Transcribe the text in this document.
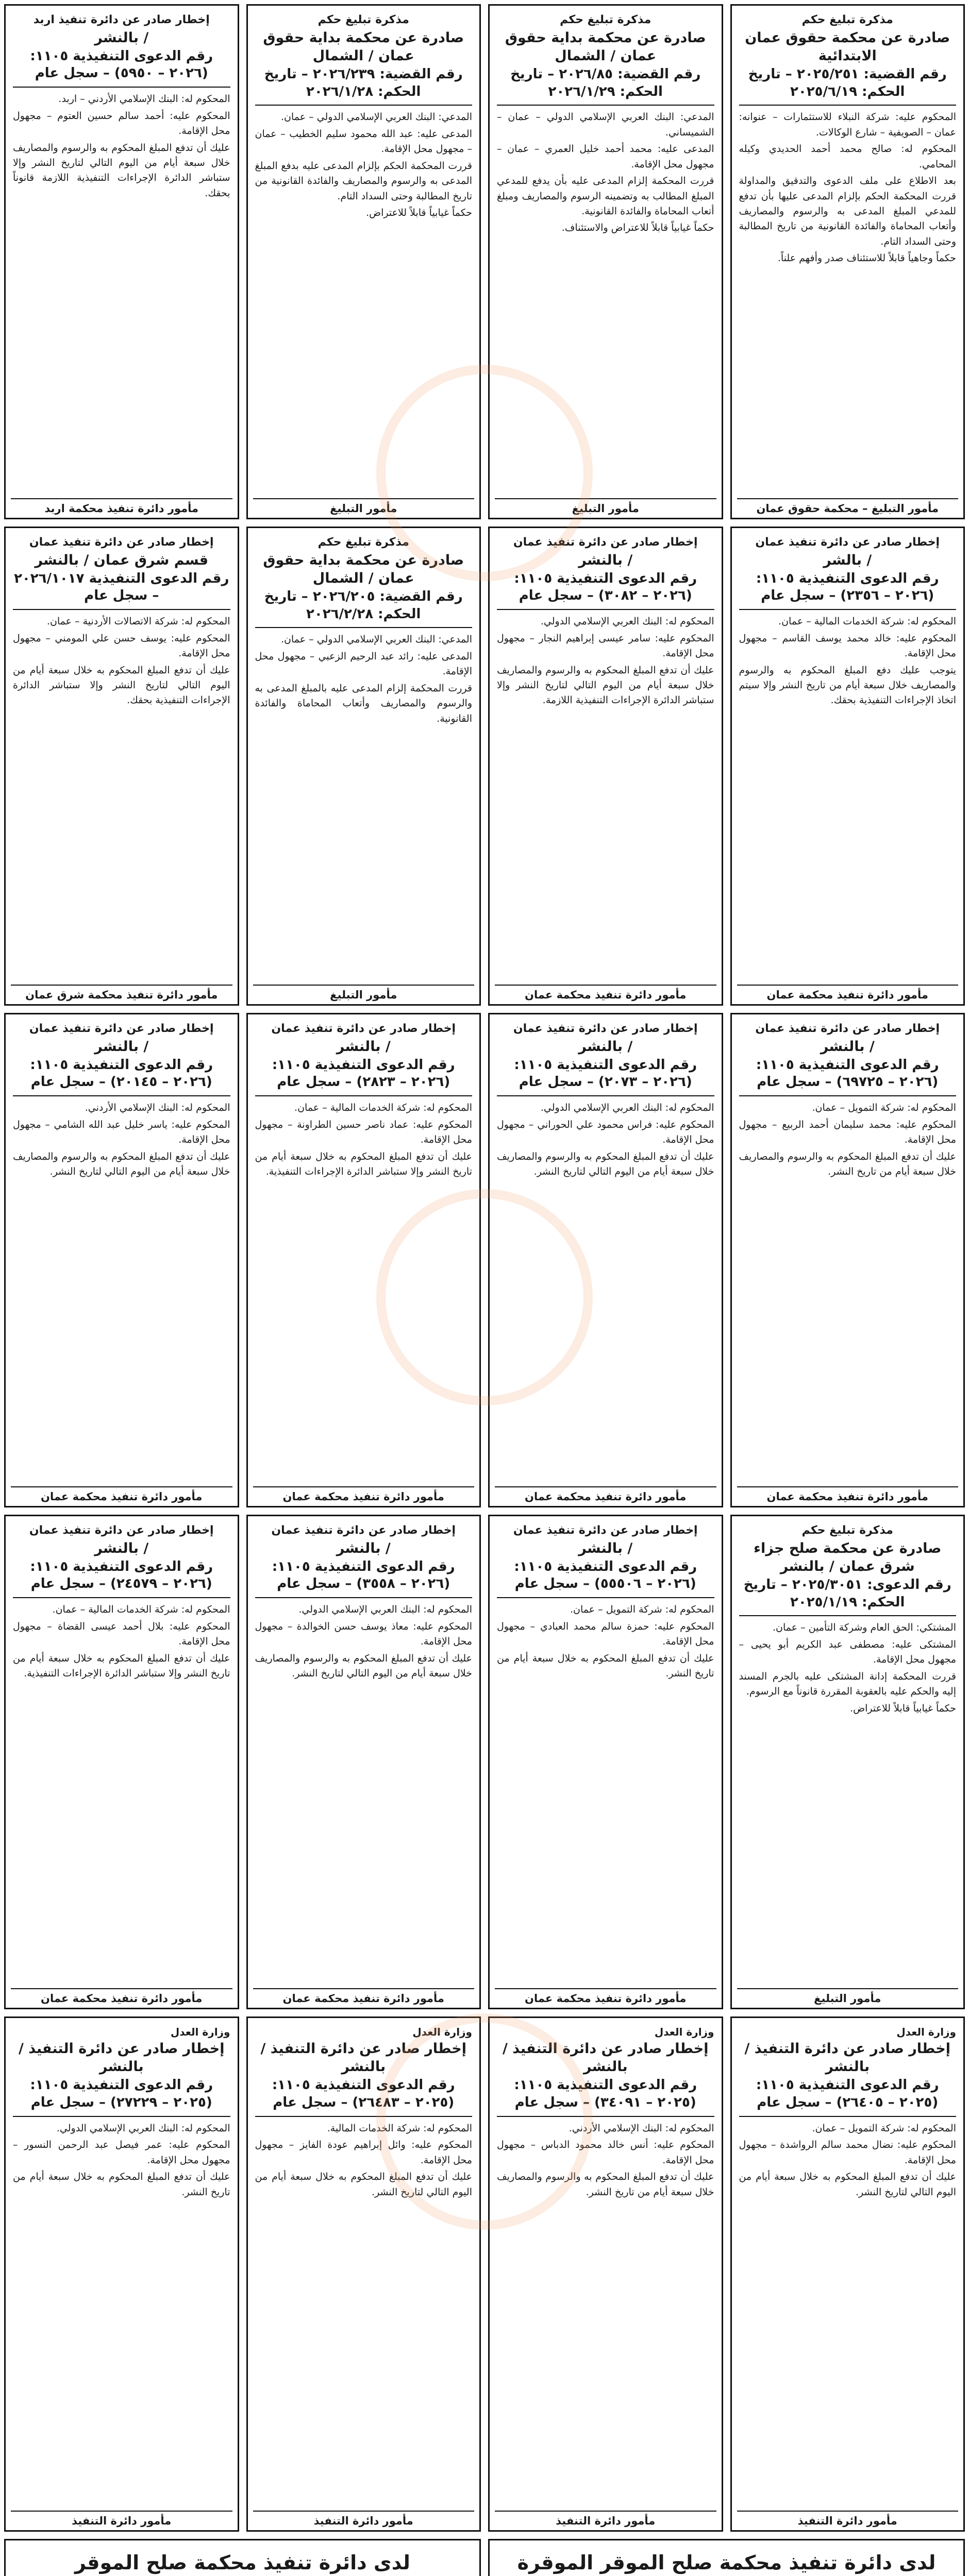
مذكرة تبليغ حكم
صادرة عن محكمة حقوق عمان الابتدائية
رقم القضية: ٢٠٢٥/٢٥١ – تاريخ الحكم: ٢٠٢٥/٦/١٩

المحكوم عليه: شركة النبلاء للاستثمارات – عنوانه: عمان – الصويفية – شارع الوكالات.

المحكوم له: صالح محمد أحمد الحديدي وكيله المحامي.

بعد الاطلاع على ملف الدعوى والتدقيق والمداولة قررت المحكمة الحكم بإلزام المدعى عليها بأن تدفع للمدعي المبلغ المدعى به والرسوم والمصاريف وأتعاب المحاماة والفائدة القانونية من تاريخ المطالبة وحتى السداد التام.

حكماً وجاهياً قابلاً للاستئناف صدر وأفهم علناً.

مأمور التبليغ – محكمة حقوق عمان
مذكرة تبليغ حكم
صادرة عن محكمة بداية حقوق عمان / الشمال
رقم القضية: ٢٠٢٦/٨٥ – تاريخ الحكم: ٢٠٢٦/١/٢٩

المدعي: البنك العربي الإسلامي الدولي – عمان – الشميساني.

المدعى عليه: محمد أحمد خليل العمري – عمان – مجهول محل الإقامة.

قررت المحكمة إلزام المدعى عليه بأن يدفع للمدعي المبلغ المطالب به وتضمينه الرسوم والمصاريف ومبلغ أتعاب المحاماة والفائدة القانونية.

حكماً غيابياً قابلاً للاعتراض والاستئناف.

مأمور التبليغ
مذكرة تبليغ حكم
صادرة عن محكمة بداية حقوق عمان / الشمال
رقم القضية: ٢٠٢٦/٢٣٩ – تاريخ الحكم: ٢٠٢٦/١/٢٨

المدعي: البنك العربي الإسلامي الدولي – عمان.

المدعى عليه: عبد الله محمود سليم الخطيب – عمان – مجهول محل الإقامة.

قررت المحكمة الحكم بإلزام المدعى عليه بدفع المبلغ المدعى به والرسوم والمصاريف والفائدة القانونية من تاريخ المطالبة وحتى السداد التام.

حكماً غيابياً قابلاً للاعتراض.

مأمور التبليغ
إخطار صادر عن دائرة تنفيذ اربد
/ بالنشر
رقم الدعوى التنفيذية ١١٠٥: (٢٠٢٦ – ٥٩٥٠) – سجل عام

المحكوم له: البنك الإسلامي الأردني – اربد.

المحكوم عليه: أحمد سالم حسين العتوم – مجهول محل الإقامة.

عليك أن تدفع المبلغ المحكوم به والرسوم والمصاريف خلال سبعة أيام من اليوم التالي لتاريخ النشر وإلا ستباشر الدائرة الإجراءات التنفيذية اللازمة قانوناً بحقك.

مأمور دائرة تنفيذ محكمة اربد
إخطار صادر عن دائرة تنفيذ عمان
/ بالشر
رقم الدعوى التنفيذية ١١٠٥: (٢٠٢٦ – ٢٣٥٦) – سجل عام

المحكوم له: شركة الخدمات المالية – عمان.

المحكوم عليه: خالد محمد يوسف القاسم – مجهول محل الإقامة.

يتوجب عليك دفع المبلغ المحكوم به والرسوم والمصاريف خلال سبعة أيام من تاريخ النشر وإلا سيتم اتخاذ الإجراءات التنفيذية بحقك.

مأمور دائرة تنفيذ محكمة عمان
إخطار صادر عن دائرة تنفيذ عمان
/ بالنشر
رقم الدعوى التنفيذية ١١٠٥: (٢٠٢٦ – ٣٠٨٢) – سجل عام

المحكوم له: البنك العربي الإسلامي الدولي.

المحكوم عليه: سامر عيسى إبراهيم النجار – مجهول محل الإقامة.

عليك أن تدفع المبلغ المحكوم به والرسوم والمصاريف خلال سبعة أيام من اليوم التالي لتاريخ النشر وإلا ستباشر الدائرة الإجراءات التنفيذية اللازمة.

مأمور دائرة تنفيذ محكمة عمان
مذكرة تبليغ حكم
صادرة عن محكمة بداية حقوق عمان / الشمال
رقم القضية: ٢٠٢٦/٢٠٥ – تاريخ الحكم: ٢٠٢٦/٢/٢٨

المدعي: البنك العربي الإسلامي الدولي – عمان.

المدعى عليه: رائد عبد الرحيم الزعبي – مجهول محل الإقامة.

قررت المحكمة إلزام المدعى عليه بالمبلغ المدعى به والرسوم والمصاريف وأتعاب المحاماة والفائدة القانونية.

مأمور التبليغ
إخطار صادر عن دائرة تنفيذ عمان
قسم شرق عمان / بالنشر
رقم الدعوى التنفيذية ٢٠٢٦/١٠١٧ – سجل عام

المحكوم له: شركة الاتصالات الأردنية – عمان.

المحكوم عليه: يوسف حسن علي المومني – مجهول محل الإقامة.

عليك أن تدفع المبلغ المحكوم به خلال سبعة أيام من اليوم التالي لتاريخ النشر وإلا ستباشر الدائرة الإجراءات التنفيذية بحقك.

مأمور دائرة تنفيذ محكمة شرق عمان
إخطار صادر عن دائرة تنفيذ عمان
/ بالنشر
رقم الدعوى التنفيذية ١١٠٥: (٢٠٢٦ – ٦٩٧٢٥) – سجل عام

المحكوم له: شركة التمويل – عمان.

المحكوم عليه: محمد سليمان أحمد الربيع – مجهول محل الإقامة.

عليك أن تدفع المبلغ المحكوم به والرسوم والمصاريف خلال سبعة أيام من تاريخ النشر.

مأمور دائرة تنفيذ محكمة عمان
إخطار صادر عن دائرة تنفيذ عمان
/ بالنشر
رقم الدعوى التنفيذية ١١٠٥: (٢٠٢٦ – ٢٠٧٣) – سجل عام

المحكوم له: البنك العربي الإسلامي الدولي.

المحكوم عليه: فراس محمود علي الحوراني – مجهول محل الإقامة.

عليك أن تدفع المبلغ المحكوم به والرسوم والمصاريف خلال سبعة أيام من اليوم التالي لتاريخ النشر.

مأمور دائرة تنفيذ محكمة عمان
إخطار صادر عن دائرة تنفيذ عمان
/ بالنشر
رقم الدعوى التنفيذية ١١٠٥: (٢٠٢٦ – ٢٨٢٣) – سجل عام

المحكوم له: شركة الخدمات المالية – عمان.

المحكوم عليه: عماد ناصر حسين الطراونة – مجهول محل الإقامة.

عليك أن تدفع المبلغ المحكوم به خلال سبعة أيام من تاريخ النشر وإلا ستباشر الدائرة الإجراءات التنفيذية.

مأمور دائرة تنفيذ محكمة عمان
إخطار صادر عن دائرة تنفيذ عمان
/ بالنشر
رقم الدعوى التنفيذية ١١٠٥: (٢٠٢٦ – ٢٠١٤٥) – سجل عام

المحكوم له: البنك الإسلامي الأردني.

المحكوم عليه: ياسر خليل عبد الله الشامي – مجهول محل الإقامة.

عليك أن تدفع المبلغ المحكوم به والرسوم والمصاريف خلال سبعة أيام من اليوم التالي لتاريخ النشر.

مأمور دائرة تنفيذ محكمة عمان
مذكرة تبليغ حكم
صادرة عن محكمة صلح جزاء شرق عمان / بالنشر
رقم الدعوى: ٢٠٢٥/٣٠٥١ – تاريخ الحكم: ٢٠٢٥/١/١٩

المشتكي: الحق العام وشركة التأمين – عمان.

المشتكى عليه: مصطفى عبد الكريم أبو يحيى – مجهول محل الإقامة.

قررت المحكمة إدانة المشتكى عليه بالجرم المسند إليه والحكم عليه بالعقوبة المقررة قانوناً مع الرسوم.

حكماً غيابياً قابلاً للاعتراض.

مأمور التبليغ
إخطار صادر عن دائرة تنفيذ عمان
/ بالنشر
رقم الدعوى التنفيذية ١١٠٥: (٢٠٢٦ – ٥٥٥٠٦) – سجل عام

المحكوم له: شركة التمويل – عمان.

المحكوم عليه: حمزة سالم محمد العبادي – مجهول محل الإقامة.

عليك أن تدفع المبلغ المحكوم به خلال سبعة أيام من تاريخ النشر.

مأمور دائرة تنفيذ محكمة عمان
إخطار صادر عن دائرة تنفيذ عمان
/ بالنشر
رقم الدعوى التنفيذية ١١٠٥: (٢٠٢٦ – ٣٥٥٨) – سجل عام

المحكوم له: البنك العربي الإسلامي الدولي.

المحكوم عليه: معاذ يوسف حسن الخوالدة – مجهول محل الإقامة.

عليك أن تدفع المبلغ المحكوم به والرسوم والمصاريف خلال سبعة أيام من اليوم التالي لتاريخ النشر.

مأمور دائرة تنفيذ محكمة عمان
إخطار صادر عن دائرة تنفيذ عمان
/ بالنشر
رقم الدعوى التنفيذية ١١٠٥: (٢٠٢٦ – ٢٤٥٧٩) – سجل عام

المحكوم له: شركة الخدمات المالية – عمان.

المحكوم عليه: بلال أحمد عيسى القضاة – مجهول محل الإقامة.

عليك أن تدفع المبلغ المحكوم به خلال سبعة أيام من تاريخ النشر وإلا ستباشر الدائرة الإجراءات التنفيذية.

مأمور دائرة تنفيذ محكمة عمان
وزارة العدل
إخطار صادر عن دائرة التنفيذ / بالنشر
رقم الدعوى التنفيذية ١١٠٥: (٢٠٢٥ – ٢٦٤٠٥) – سجل عام

المحكوم له: شركة التمويل – عمان.

المحكوم عليه: نضال محمد سالم الرواشدة – مجهول محل الإقامة.

عليك أن تدفع المبلغ المحكوم به خلال سبعة أيام من اليوم التالي لتاريخ النشر.

مأمور دائرة التنفيذ
وزارة العدل
إخطار صادر عن دائرة التنفيذ / بالنشر
رقم الدعوى التنفيذية ١١٠٥: (٢٠٢٥ – ٣٤٠٩١) – سجل عام

المحكوم له: البنك الإسلامي الأردني.

المحكوم عليه: أنس خالد محمود الدباس – مجهول محل الإقامة.

عليك أن تدفع المبلغ المحكوم به والرسوم والمصاريف خلال سبعة أيام من تاريخ النشر.

مأمور دائرة التنفيذ
وزارة العدل
إخطار صادر عن دائرة التنفيذ / بالنشر
رقم الدعوى التنفيذية ١١٠٥: (٢٠٢٥ – ٢٦٤٨٣) – سجل عام

المحكوم له: شركة الخدمات المالية.

المحكوم عليه: وائل إبراهيم عودة الفايز – مجهول محل الإقامة.

عليك أن تدفع المبلغ المحكوم به خلال سبعة أيام من اليوم التالي لتاريخ النشر.

مأمور دائرة التنفيذ
وزارة العدل
إخطار صادر عن دائرة التنفيذ / بالنشر
رقم الدعوى التنفيذية ١١٠٥: (٢٠٢٥ – ٢٧٢٢٩) – سجل عام

المحكوم له: البنك العربي الإسلامي الدولي.

المحكوم عليه: عمر فيصل عبد الرحمن النسور – مجهول محل الإقامة.

عليك أن تدفع المبلغ المحكوم به خلال سبعة أيام من تاريخ النشر.

مأمور دائرة التنفيذ
لدى دائرة تنفيذ محكمة صلح الموقر الموقرة

لدى دائرة تنفيذ محكمة صلح الموقر
